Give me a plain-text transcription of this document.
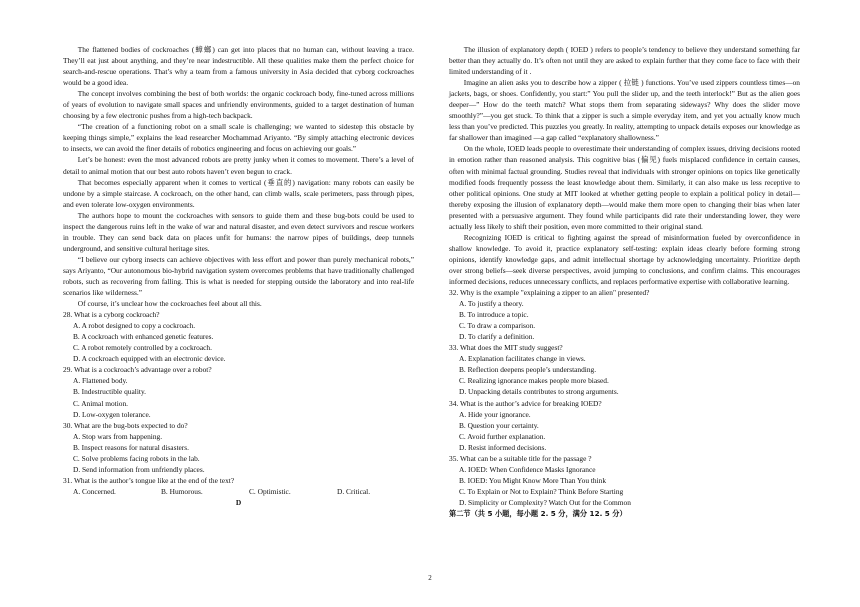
The flattened bodies of cockroaches (蟑螂) can get into places that no human can, without leaving a trace. They’ll eat just about anything, and they’re near indestructible. All these qualities make them the perfect choice for search-and-rescue operations. That’s why a team from a famous university in Asia decided that cyborg cockroaches would be a good idea.

The concept involves combining the best of both worlds: the organic cockroach body, fine-tuned across millions of years of evolution to navigate small spaces and unfriendly environments, guided to a target destination of human choosing by a few electronic pushes from a high-tech backpack.

“The creation of a functioning robot on a small scale is challenging; we wanted to sidestep this obstacle by keeping things simple,” explains the lead researcher Mochammad Ariyanto. “By simply attaching electronic devices to insects, we can avoid the finer details of robotics engineering and focus on achieving our goals.”

Let’s be honest: even the most advanced robots are pretty junky when it comes to movement. There’s a level of detail to animal motion that our best auto robots haven’t even begun to crack.

That becomes especially apparent when it comes to vertical (垂直的) navigation: many robots can easily be undone by a simple staircase. A cockroach, on the other hand, can climb walls, scale perimeters, pass through pipes, and even tolerate low-oxygen environments.

The authors hope to mount the cockroaches with sensors to guide them and these bug-bots could be used to inspect the dangerous ruins left in the wake of war and natural disaster, and even detect survivors and rescue workers in trouble. They can send back data on places unfit for humans: the narrow pipes of buildings, deep tunnels underground, and sensitive cultural heritage sites.

“I believe our cyborg insects can achieve objectives with less effort and power than purely mechanical robots,” says Ariyanto, “Our autonomous bio-hybrid navigation system overcomes problems that have traditionally challenged robots, such as recovering from falling. This is what is needed for stepping outside the laboratory and into real-life scenarios like wilderness.”

Of course, it’s unclear how the cockroaches feel about all this.

28. What is a cyborg cockroach?

A. A robot designed to copy a cockroach.

B. A cockroach with enhanced genetic features.

C. A robot remotely controlled by a cockroach.

D. A cockroach equipped with an electronic device.

29. What is a cockroach’s advantage over a robot?

A. Flattened body.

B. Indestructible quality.

C. Animal motion.

D. Low-oxygen tolerance.

30. What are the bug-bots expected to do?

A. Stop wars from happening.

B. Inspect reasons for natural disasters.

C. Solve problems facing robots in the lab.

D. Send information from unfriendly places.

31. What is the author’s tongue like at the end of the text?

A. Concerned.	B. Humorous.	C. Optimistic.	D. Critical.

D

The illusion of explanatory depth ( IOED ) refers to people’s tendency to believe they understand something far better than they actually do. It’s often not until they are asked to explain further that they come face to face with their limited understanding of it .

Imagine an alien asks you to describe how a zipper ( 拉链 ) functions. You’ve used zippers countless times—on jackets, bags, or shoes. Confidently, you start:” You pull the slider up, and the teeth interlock!” But as the alien goes deeper—” How do the teeth match? What stops them from separating sideways? Why does the slider move smoothly?”—you get stuck. To think that a zipper is such a simple everyday item, and yet you actually know much less than you’ve predicted. This puzzles you greatly. In reality, attempting to unpack details exposes our knowledge as far shallower than imagined —a gap called “explanatory shallowness.”

On the whole, IOED leads people to overestimate their understanding of complex issues, driving decisions rooted in emotion rather than reasoned analysis. This cognitive bias (偏见) fuels misplaced confidence in certain causes, often with minimal factual grounding. Studies reveal that individuals with stronger opinions on topics like genetically modified foods frequently possess the least knowledge about them. Similarly, it can also make us less receptive to other political opinions. One study at MIT looked at whether getting people to explain a political policy in detail—thereby exposing the illusion of explanatory depth—would make them more open to changing their bias when later presented with a persuasive argument. They found while participants did rate their understanding lower, they were actually less likely to shift their position, even more committed to their original stand.

Recognizing IOED is critical to fighting against the spread of misinformation fueled by overconfidence in shallow knowledge. To avoid it, practice explanatory self-testing: explain ideas clearly before forming strong opinions, identify knowledge gaps, and admit intellectual shortage by acknowledging uncertainty. Prioritize depth over strong beliefs—seek diverse perspectives, avoid jumping to conclusions, and confirm claims. This encourages informed decisions, reduces unnecessary conflicts, and replaces performative expertise with collaborative learning.

32. Why is the example "explaining a zipper to an alien" presented?

A. To justify a theory.

B. To introduce a topic.

C. To draw a comparison.

D. To clarify a definition.

33. What does the MIT study suggest?

A. Explanation facilitates change in views.

B. Reflection deepens people’s understanding.

C. Realizing ignorance makes people more biased.

D. Unpacking details contributes to strong arguments.

34. What is the author’s advice for breaking IOED?

A. Hide your ignorance.

B. Question your certainty.

C. Avoid further explanation.

D. Resist informed decisions.

35. What can be a suitable title for the passage ?

A. IOED: When Confidence Masks Ignorance

B. IOED: You Might Know More Than You think

C. To Explain or Not to Explain? Think Before Starting

D. Simplicity or Complexity? Watch Out for the Common

第二节（共 5 小题，每小题 2. 5 分，满分 12. 5 分）

2
